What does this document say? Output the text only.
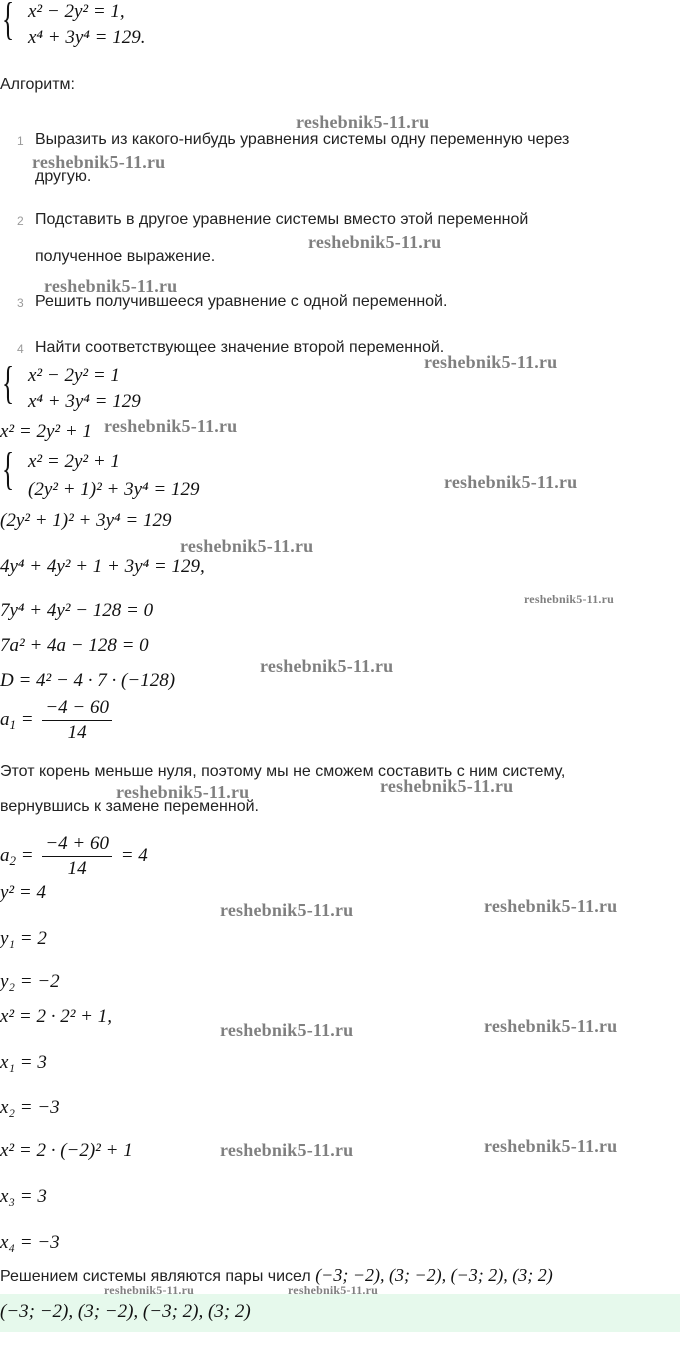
{ x² − 2y² = 1,
x⁴ + 3y⁴ = 129.
Алгоритм:
1 Выразить из какого-нибудь уравнения системы одну переменную через
другую.
2 Подставить в другое уравнение системы вместо этой переменной
полученное выражение.
3 Решить получившееся уравнение с одной переменной.
4 Найти соответствующее значение второй переменной.
{ x² − 2y² = 1
x⁴ + 3y⁴ = 129
x² = 2y² + 1
{ x² = 2y² + 1
(2y² + 1)² + 3y⁴ = 129
(2y² + 1)² + 3y⁴ = 129
4y⁴ + 4y² + 1 + 3y⁴ = 129,
7y⁴ + 4y² − 128 = 0
7a² + 4a − 128 = 0
D = 4² − 4 · 7 · (−128)
$a_1 = \frac{-4 - 60}{14}$
Этот корень меньше нуля, поэтому мы не сможем составить с ним систему,
вернувшись к замене переменной.
$a_2 = \frac{-4 + 60}{14} = 4$
y² = 4
y₁ = 2
y₂ = −2
x² = 2 · 2² + 1,
x₁ = 3
x₂ = −3
x² = 2 · (−2)² + 1
x₃ = 3
x₄ = −3
Решением системы являются пары чисел (−3; −2), (3; −2), (−3; 2), (3; 2)
(−3; −2), (3; −2), (−3; 2), (3; 2)
reshebnik5-11.ru
reshebnik5-11.ru
reshebnik5-11.ru
reshebnik5-11.ru
reshebnik5-11.ru
reshebnik5-11.ru
reshebnik5-11.ru
reshebnik5-11.ru
reshebnik5-11.ru
reshebnik5-11.ru
reshebnik5-11.ru
reshebnik5-11.ru
reshebnik5-11.ru	reshebnik5-11.ru
reshebnik5-11.ru	reshebnik5-11.ru
reshebnik5-11.ru	reshebnik5-11.ru
reshebnik5-11.ru	reshebnik5-11.ru
